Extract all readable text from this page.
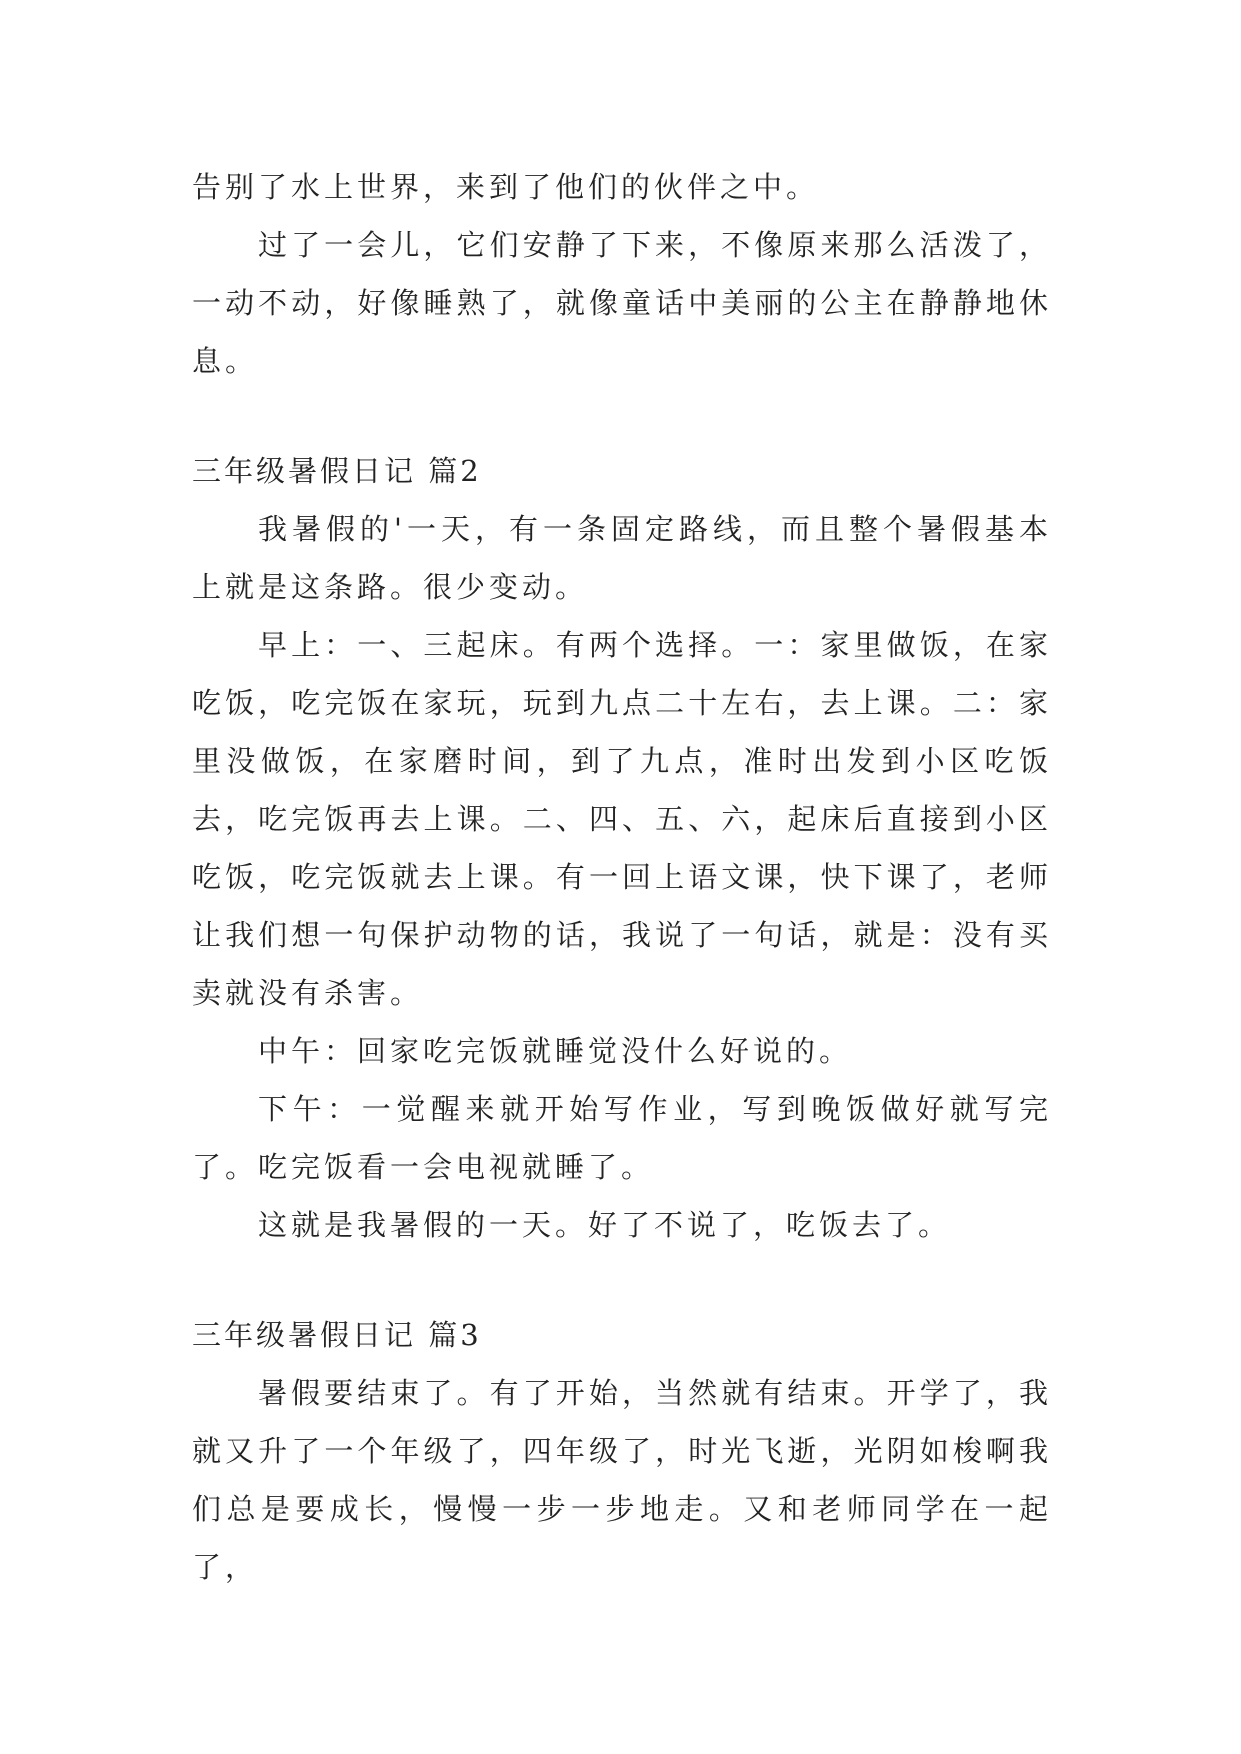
告别了水上世界，来到了他们的伙伴之中。

过了一会儿，它们安静了下来，不像原来那么活泼了，一动不动，好像睡熟了，就像童话中美丽的公主在静静地休息。

三年级暑假日记 篇2

我暑假的'一天，有一条固定路线，而且整个暑假基本上就是这条路。很少变动。

早上：一、三起床。有两个选择。一：家里做饭，在家吃饭，吃完饭在家玩，玩到九点二十左右，去上课。二：家里没做饭，在家磨时间，到了九点，准时出发到小区吃饭去，吃完饭再去上课。二、四、五、六，起床后直接到小区吃饭，吃完饭就去上课。有一回上语文课，快下课了，老师让我们想一句保护动物的话，我说了一句话，就是：没有买卖就没有杀害。

中午：回家吃完饭就睡觉没什么好说的。

下午：一觉醒来就开始写作业，写到晚饭做好就写完了。吃完饭看一会电视就睡了。

这就是我暑假的一天。好了不说了，吃饭去了。

三年级暑假日记 篇3

暑假要结束了。有了开始，当然就有结束。开学了，我就又升了一个年级了，四年级了，时光飞逝，光阴如梭啊我们总是要成长，慢慢一步一步地走。又和老师同学在一起了，
